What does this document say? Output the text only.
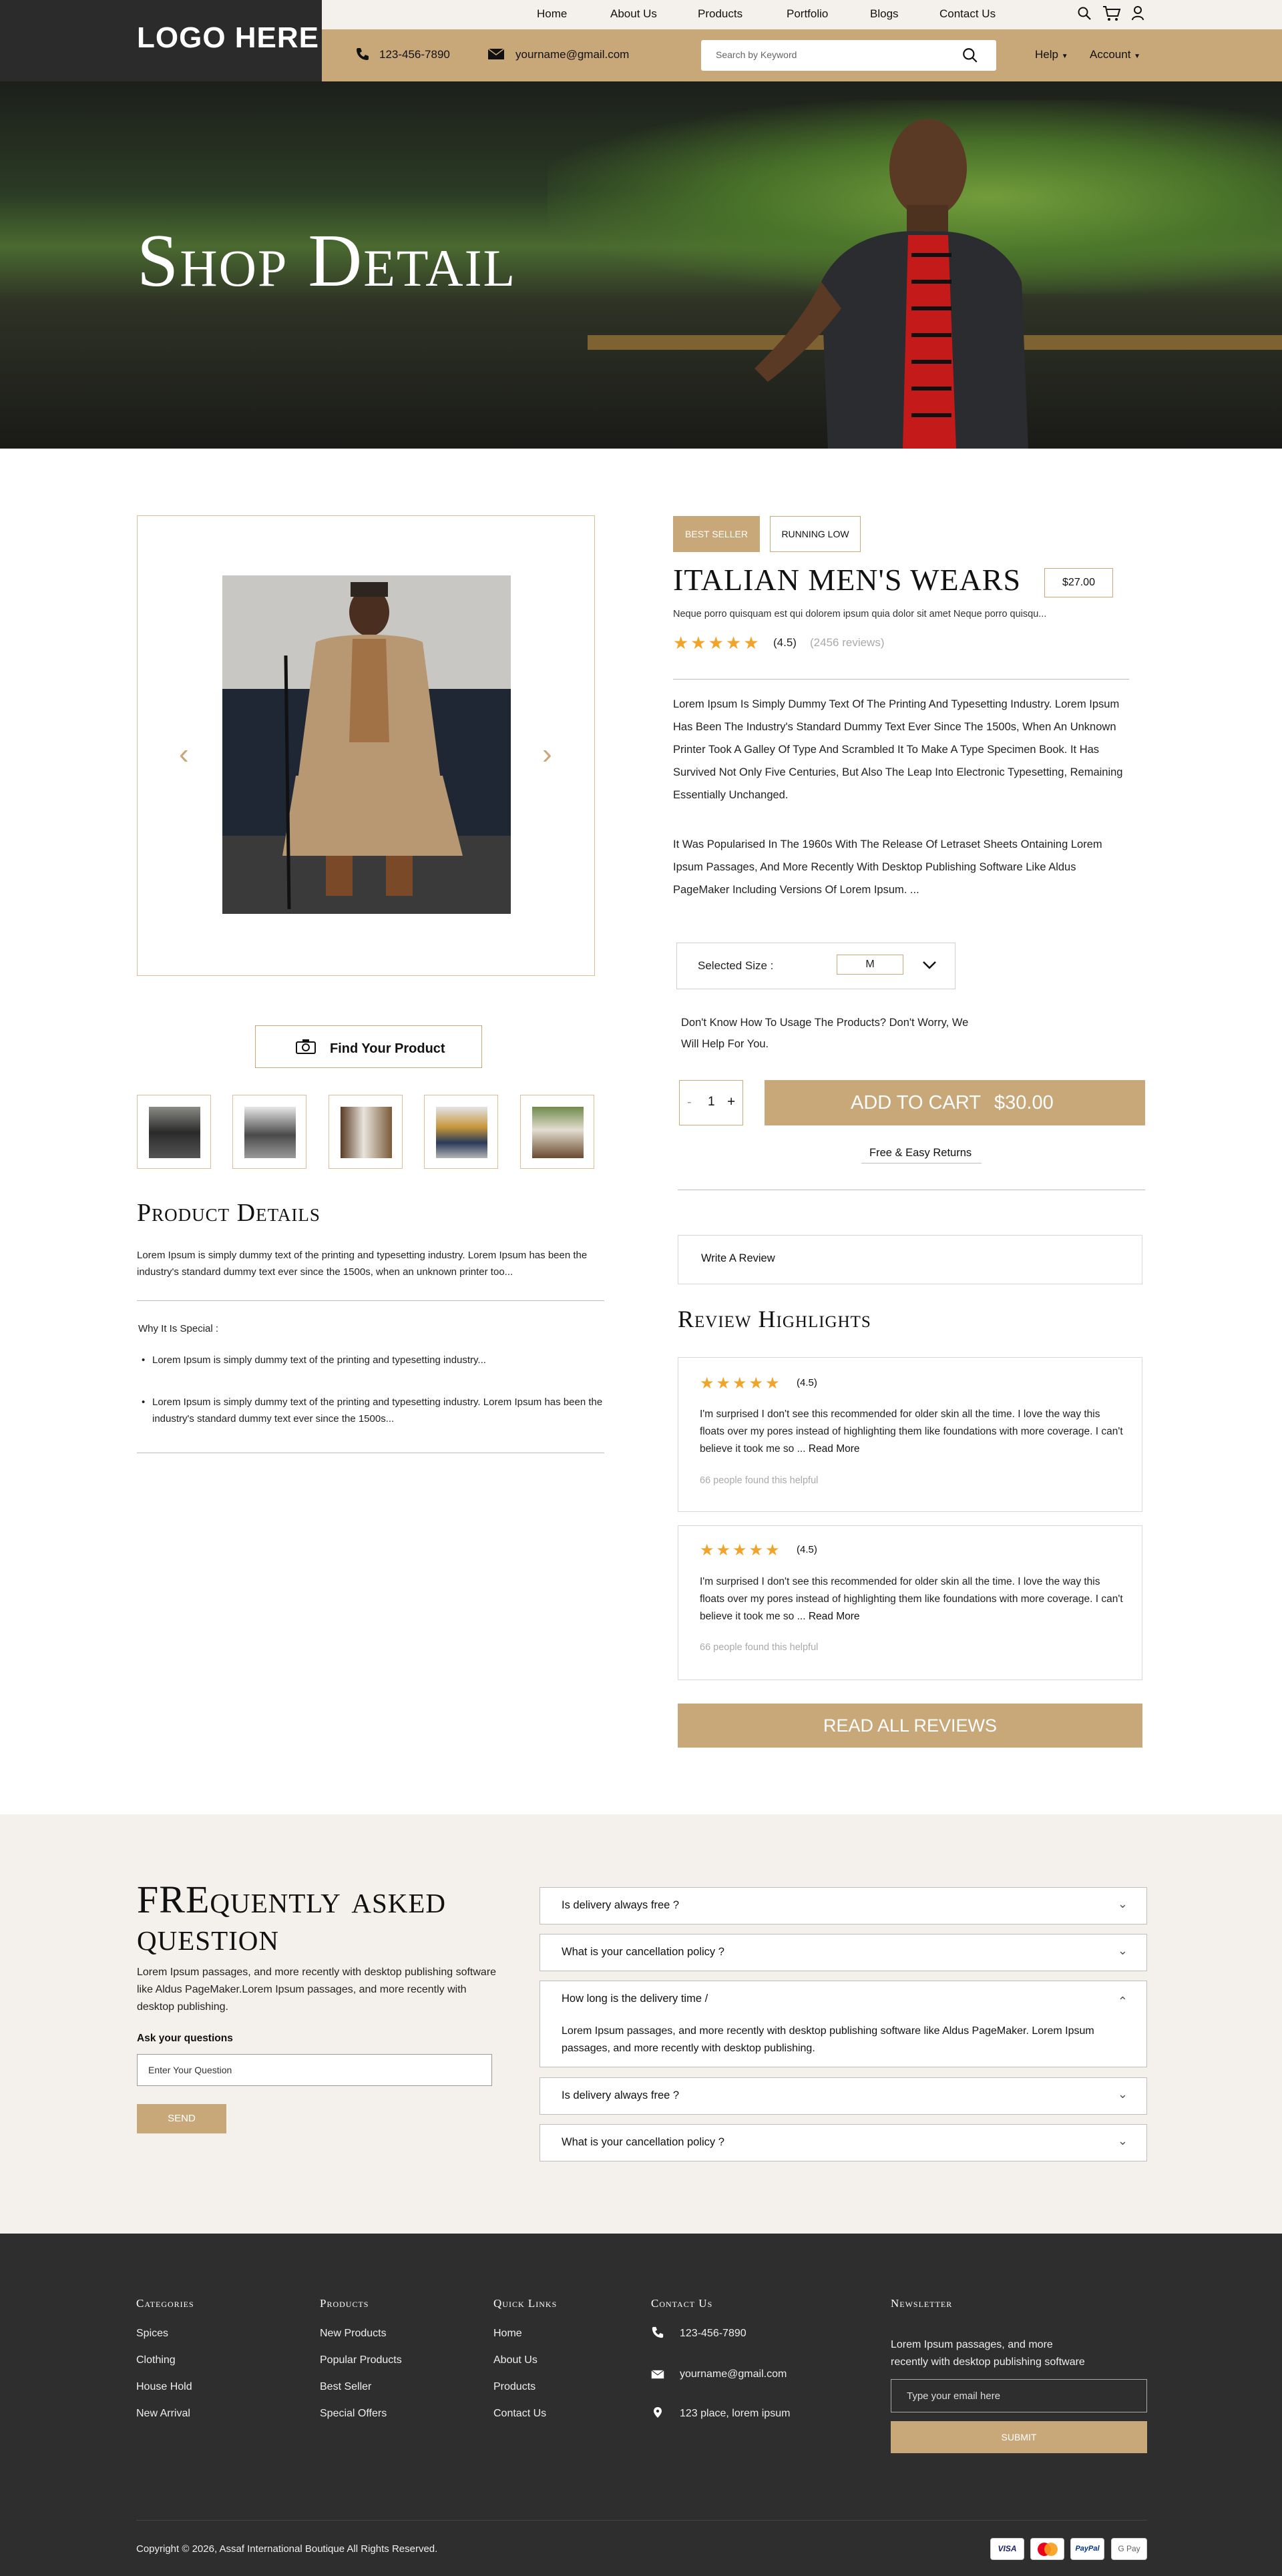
LOGO HERE
Home	About Us	Products	Portfolio	Blogs	Contact Us
123-456-7890	yourname@gmail.com	Search by Keyword	Help ▼ Account ▼
Shop Detail
‹	›
Find Your Product
Product Details
Lorem Ipsum is simply dummy text of the printing and typesetting industry. Lorem Ipsum has been the industry's standard dummy text ever since the 1500s, when an unknown printer too...
Why It Is Special :
• Lorem Ipsum is simply dummy text of the printing and typesetting industry...
• Lorem Ipsum is simply dummy text of the printing and typesetting industry. Lorem Ipsum has been the industry's standard dummy text ever since the 1500s...
BEST SELLER	RUNNING LOW
ITALIAN MEN'S WEARS	$27.00
Neque porro quisquam est qui dolorem ipsum quia dolor sit amet Neque porro quisqu...
★★★★★ (4.5) (2456 reviews)
Lorem Ipsum Is Simply Dummy Text Of The Printing And Typesetting Industry. Lorem Ipsum Has Been The Industry's Standard Dummy Text Ever Since The 1500s, When An Unknown Printer Took A Galley Of Type And Scrambled It To Make A Type Specimen Book. It Has Survived Not Only Five Centuries, But Also The Leap Into Electronic Typesetting, Remaining Essentially Unchanged.
It Was Popularised In The 1960s With The Release Of Letraset Sheets Ontaining Lorem Ipsum Passages, And More Recently With Desktop Publishing Software Like Aldus PageMaker Including Versions Of Lorem Ipsum. ...
Selected Size :	M
Don't Know How To Usage The Products? Don't Worry, We Will Help For You.
- 1 +	ADD TO CART $30.00
Free & Easy Returns
Write A Review
Review Highlights
★★★★★ (4.5)
I'm surprised I don't see this recommended for older skin all the time. I love the way this floats over my pores instead of highlighting them like foundations with more coverage. I can't believe it took me so ... Read More
66 people found this helpful
★★★★★ (4.5)
I'm surprised I don't see this recommended for older skin all the time. I love the way this floats over my pores instead of highlighting them like foundations with more coverage. I can't believe it took me so ... Read More
66 people found this helpful
READ ALL REVIEWS
FREquently asked
question
Lorem Ipsum passages, and more recently with desktop publishing software like Aldus PageMaker.Lorem Ipsum passages, and more recently with desktop publishing.
Ask your questions
Enter Your Question
SEND
Is delivery always free ?	⌄
What is your cancellation policy ?	⌄
How long is the delivery time /	⌃
Lorem Ipsum passages, and more recently with desktop publishing software like Aldus PageMaker. Lorem Ipsum passages, and more recently with desktop publishing.
Is delivery always free ?	⌄
What is your cancellation policy ?	⌄
Categories
Spices
Clothing
House Hold
New Arrival
Products
New Products
Popular Products
Best Seller
Special Offers
Quick Links
Home
About Us
Products
Contact Us
Contact Us
123-456-7890
yourname@gmail.com
123 place, lorem ipsum
Newsletter
Lorem Ipsum passages, and more recently with desktop publishing software
Type your email here
SUBMIT
Copyright © 2026, Assaf International Boutique All Rights Reserved.	VISA	PayPal	G Pay
